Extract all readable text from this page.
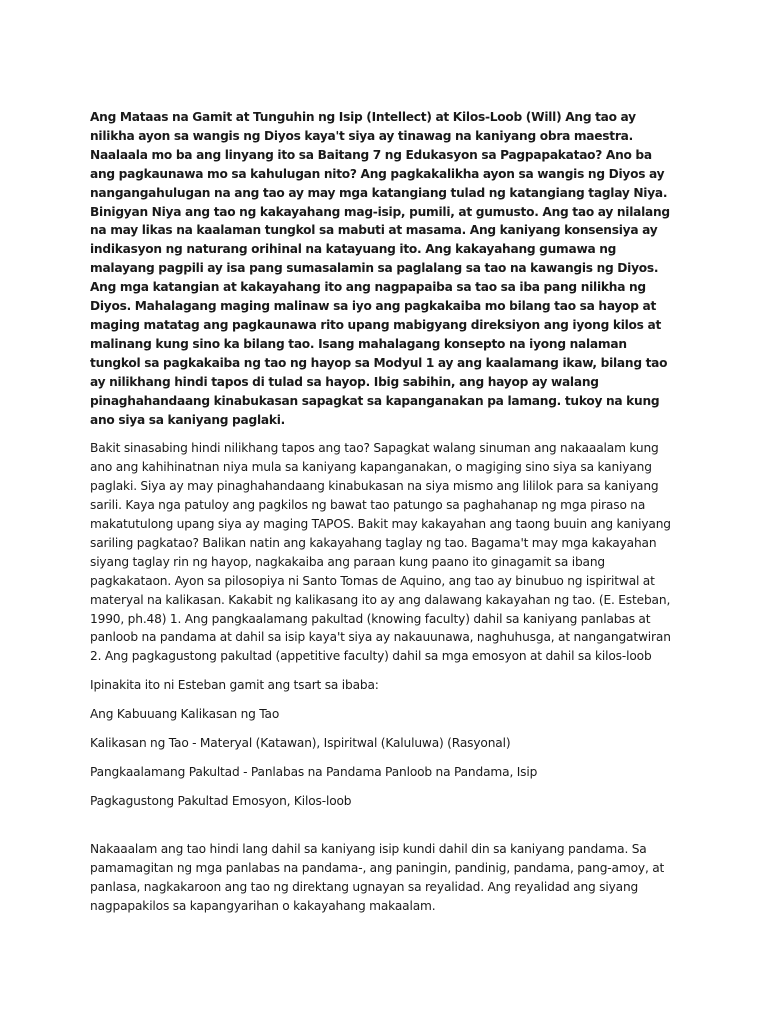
Ang Mataas na Gamit at Tunguhin ng Isip (Intellect) at Kilos-Loob (Will) Ang tao ay nilikha ayon sa wangis ng Diyos kaya't siya ay tinawag na kaniyang obra maestra. Naalaala mo ba ang linyang ito sa Baitang 7 ng Edukasyon sa Pagpapakatao? Ano ba ang pagkaunawa mo sa kahulugan nito? Ang pagkakalikha ayon sa wangis ng Diyos ay nangangahulugan na ang tao ay may mga katangiang tulad ng katangiang taglay Niya. Binigyan Niya ang tao ng kakayahang mag-isip, pumili, at gumusto. Ang tao ay nilalang na may likas na kaalaman tungkol sa mabuti at masama. Ang kaniyang konsensiya ay indikasyon ng naturang orihinal na katayuang ito. Ang kakayahang gumawa ng malayang pagpili ay isa pang sumasalamin sa paglalang sa tao na kawangis ng Diyos. Ang mga katangian at kakayahang ito ang nagpapaiba sa tao sa iba pang nilikha ng Diyos. Mahalagang maging malinaw sa iyo ang pagkakaiba mo bilang tao sa hayop at maging matatag ang pagkaunawa rito upang mabigyang direksiyon ang iyong kilos at malinang kung sino ka bilang tao. Isang mahalagang konsepto na iyong nalaman tungkol sa pagkakaiba ng tao ng hayop sa Modyul 1 ay ang kaalamang ikaw, bilang tao ay nilikhang hindi tapos di tulad sa hayop. Ibig sabihin, ang hayop ay walang pinaghahandaang kinabukasan sapagkat sa kapanganakan pa lamang. tukoy na kung ano siya sa kaniyang paglaki.

Bakit sinasabing hindi nilikhang tapos ang tao? Sapagkat walang sinuman ang nakaaalam kung ano ang kahihinatnan niya mula sa kaniyang kapanganakan, o magiging sino siya sa kaniyang paglaki. Siya ay may pinaghahandaang kinabukasan na siya mismo ang lililok para sa kaniyang sarili. Kaya nga patuloy ang pagkilos ng bawat tao patungo sa paghahanap ng mga piraso na makatutulong upang siya ay maging TAPOS. Bakit may kakayahan ang taong buuin ang kaniyang sariling pagkatao? Balikan natin ang kakayahang taglay ng tao. Bagama't may mga kakayahan siyang taglay rin ng hayop, nagkakaiba ang paraan kung paano ito ginagamit sa ibang pagkakataon. Ayon sa pilosopiya ni Santo Tomas de Aquino, ang tao ay binubuo ng ispiritwal at materyal na kalikasan. Kakabit ng kalikasang ito ay ang dalawang kakayahan ng tao. (E. Esteban, 1990, ph.48) 1. Ang pangkaalamang pakultad (knowing faculty) dahil sa kaniyang panlabas at panloob na pandama at dahil sa isip kaya't siya ay nakauunawa, naghuhusga, at nangangatwiran 2. Ang pagkagustong pakultad (appetitive faculty) dahil sa mga emosyon at dahil sa kilos-loob

Ipinakita ito ni Esteban gamit ang tsart sa ibaba:

Ang Kabuuang Kalikasan ng Tao

Kalikasan ng Tao - Materyal (Katawan), Ispiritwal (Kaluluwa) (Rasyonal)

Pangkaalamang Pakultad - Panlabas na Pandama Panloob na Pandama, Isip

Pagkagustong Pakultad Emosyon, Kilos-loob

Nakaaalam ang tao hindi lang dahil sa kaniyang isip kundi dahil din sa kaniyang pandama. Sa pamamagitan ng mga panlabas na pandama-, ang paningin, pandinig, pandama, pang-amoy, at panlasa, nagkakaroon ang tao ng direktang ugnayan sa reyalidad. Ang reyalidad ang siyang nagpapakilos sa kapangyarihan o kakayahang makaalam.
